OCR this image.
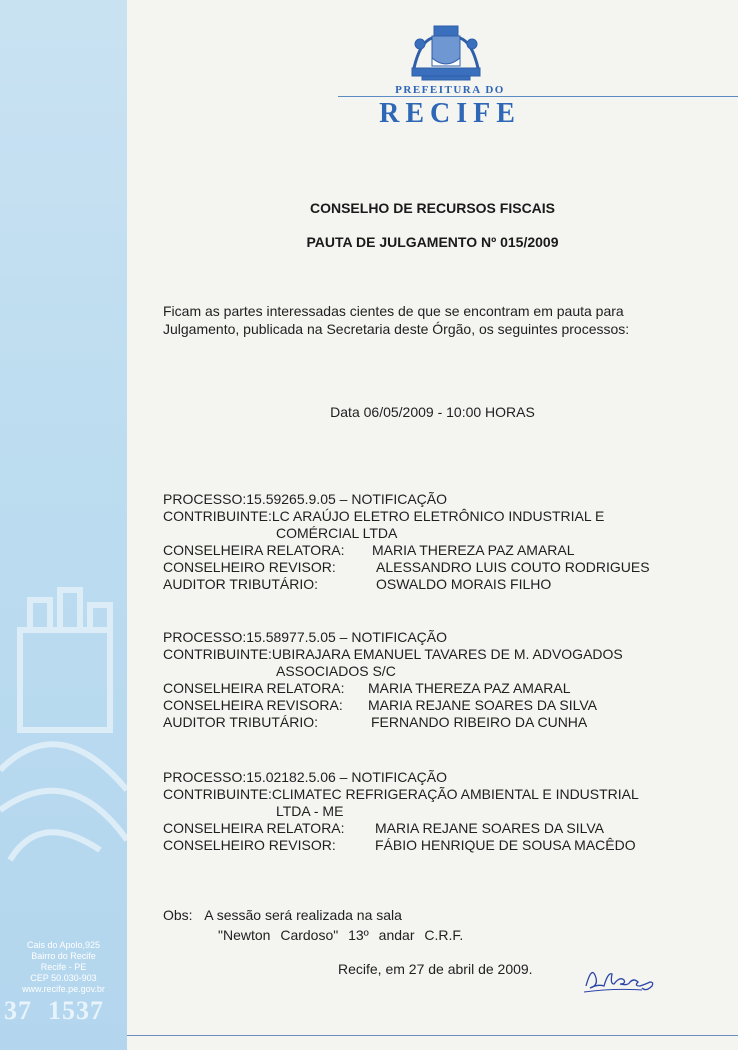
Cais do Apolo,925
Bairro do Recife
Recife - PE
CEP 50.030-903
www.recife.pe.gov.br
37 1537
PREFEITURA DO
RECIFE
CONSELHO DE RECURSOS FISCAIS
PAUTA DE JULGAMENTO Nº 015/2009
Ficam as partes interessadas cientes de que se encontram em pauta para
Julgamento, publicada na Secretaria deste Órgão, os seguintes processos:
Data 06/05/2009 - 10:00 HORAS
PROCESSO:15.59265.9.05 – NOTIFICAÇÃO
CONTRIBUINTE:LC ARAÚJO ELETRO ELETRÔNICO INDUSTRIAL E
COMÉRCIAL LTDA
CONSELHEIRA RELATORA: MARIA THEREZA PAZ AMARAL
CONSELHEIRO REVISOR:	ALESSANDRO LUIS COUTO RODRIGUES
AUDITOR TRIBUTÁRIO:	OSWALDO MORAIS FILHO
PROCESSO:15.58977.5.05 – NOTIFICAÇÃO
CONTRIBUINTE:UBIRAJARA EMANUEL TAVARES DE M. ADVOGADOS
ASSOCIADOS S/C
CONSELHEIRA RELATORA: MARIA THEREZA PAZ AMARAL
CONSELHEIRA REVISORA: MARIA REJANE SOARES DA SILVA
AUDITOR TRIBUTÁRIO:	FERNANDO RIBEIRO DA CUNHA
PROCESSO:15.02182.5.06 – NOTIFICAÇÃO
CONTRIBUINTE:CLIMATEC REFRIGERAÇÃO AMBIENTAL E INDUSTRIAL
LTDA - ME
CONSELHEIRA RELATORA: MARIA REJANE SOARES DA SILVA
CONSELHEIRO REVISOR:	FÁBIO HENRIQUE DE SOUSA MACÊDO
Obs: A sessão será realizada na sala
"Newton Cardoso" 13º andar C.R.F.
Recife, em 27 de abril de 2009.
